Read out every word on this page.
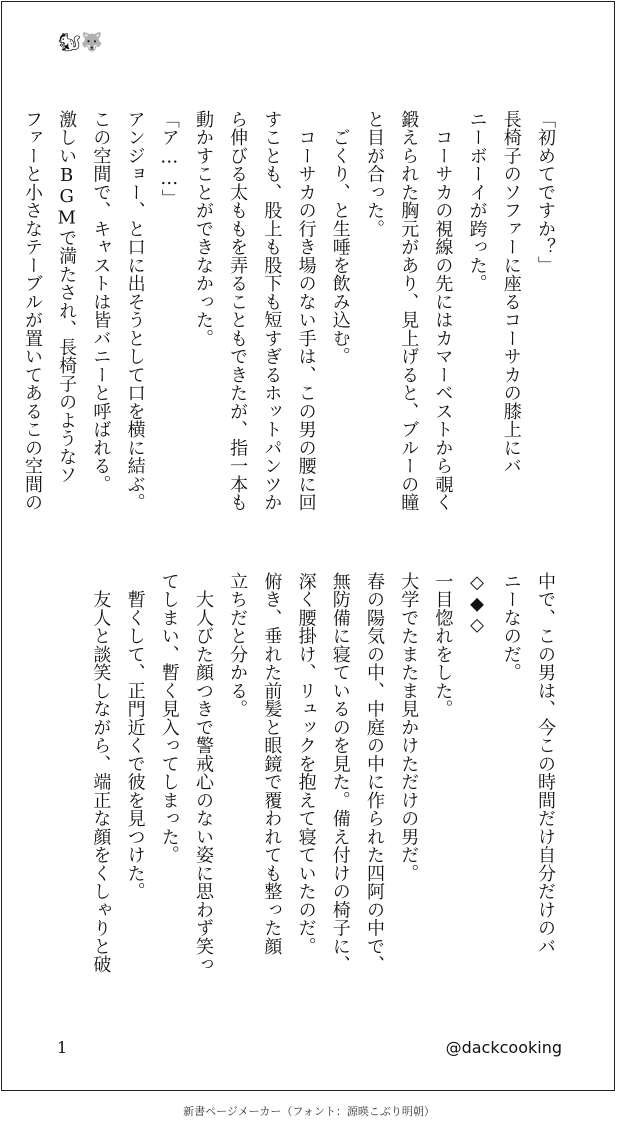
🐿🐺
「初めてですか？」
長椅子のソファーに座るコーサカの膝上にバ
ニーボーイが跨った。
　コーサカの視線の先にはカマーベストから覗く
鍛えられた胸元があり、見上げると、ブルーの瞳
と目が合った。
　ごくり、と生唾を飲み込む。
　コーサカの行き場のない手は、この男の腰に回
すことも、股上も股下も短すぎるホットパンツか
ら伸びる太ももを弄ることもできたが、指一本も
動かすことができなかった。
「ア……」
アンジョー、と口に出そうとして口を横に結ぶ。
この空間で、キャストは皆バニーと呼ばれる。
激しいBGMで満たされ、長椅子のようなソ
ファーと小さなテーブルが置いてあるこの空間の
中で、この男は、今この時間だけ自分だけのバ
ニーなのだ。
◇◆◇
一目惚れをした。
大学でたまたま見かけただけの男だ。
春の陽気の中、中庭の中に作られた四阿の中で、
無防備に寝ているのを見た。備え付けの椅子に、
深く腰掛け、リュックを抱えて寝ていたのだ。
俯き、垂れた前髪と眼鏡で覆われても整った顔
立ちだと分かる。
　大人びた顔つきで警戒心のない姿に思わず笑っ
てしまい、暫く見入ってしまった。
　暫くして、正門近くで彼を見つけた。
　友人と談笑しながら、端正な顔をくしゃりと破
1	@dackcooking
新書ページメーカー（フォント：源暎こぶり明朝）
